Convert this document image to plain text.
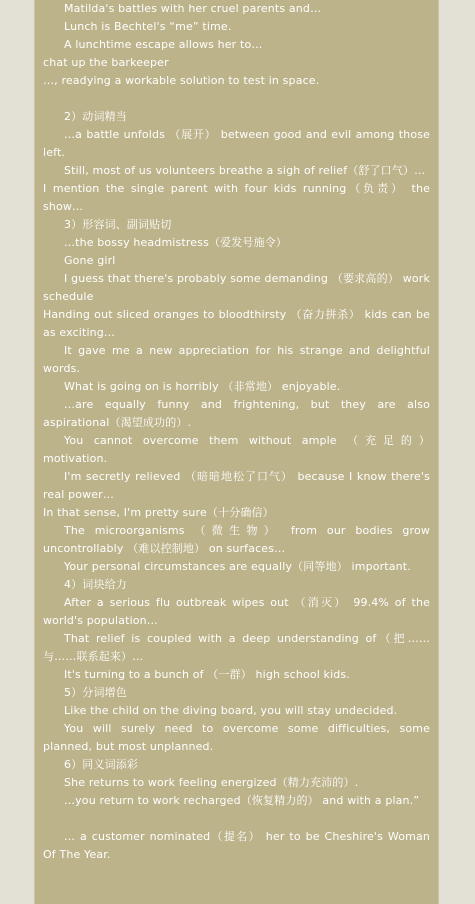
Matilda's battles with her cruel parents and…
Lunch is Bechtel's “me” time.
A lunchtime escape allows her to…
chat up the barkeeper
…, readying a workable solution to test in space.
2）动词精当
…a battle unfolds （展开） between good and evil among those left.
Still, most of us volunteers breathe a sigh of relief（舒了口气）…
I mention the single parent with four kids running（负责） the show…
3）形容词、副词贴切
…the bossy headmistress（爱发号施令）
Gone girl
I guess that there's probably some demanding （要求高的） work schedule
Handing out sliced oranges to bloodthirsty （奋力拼杀） kids can be as exciting…
It gave me a new appreciation for his strange and delightful words.
What is going on is horribly （非常地） enjoyable.
…are equally funny and frightening, but they are also aspirational（渴望成功的）.
You cannot overcome them without ample （充足的） motivation.
I'm secretly relieved （暗暗地松了口气） because I know there's real power…
In that sense, I'm pretty sure（十分确信）
The microorganisms （微生物） from our bodies grow uncontrollably （难以控制地） on surfaces…
Your personal circumstances are equally（同等地） important.
4）词块给力
After a serious flu outbreak wipes out （消灭） 99.4% of the world's population…
That relief is coupled with a deep understanding of（把……与……联系起来）…
It's turning to a bunch of （一群） high school kids.
5）分词增色
Like the child on the diving board, you will stay undecided.
You will surely need to overcome some difficulties, some planned, but most unplanned.
6）同义词添彩
She returns to work feeling energized（精力充沛的）.
…you return to work recharged（恢复精力的） and with a plan.”
… a customer nominated（提名） her to be Cheshire's Woman Of The Year.
